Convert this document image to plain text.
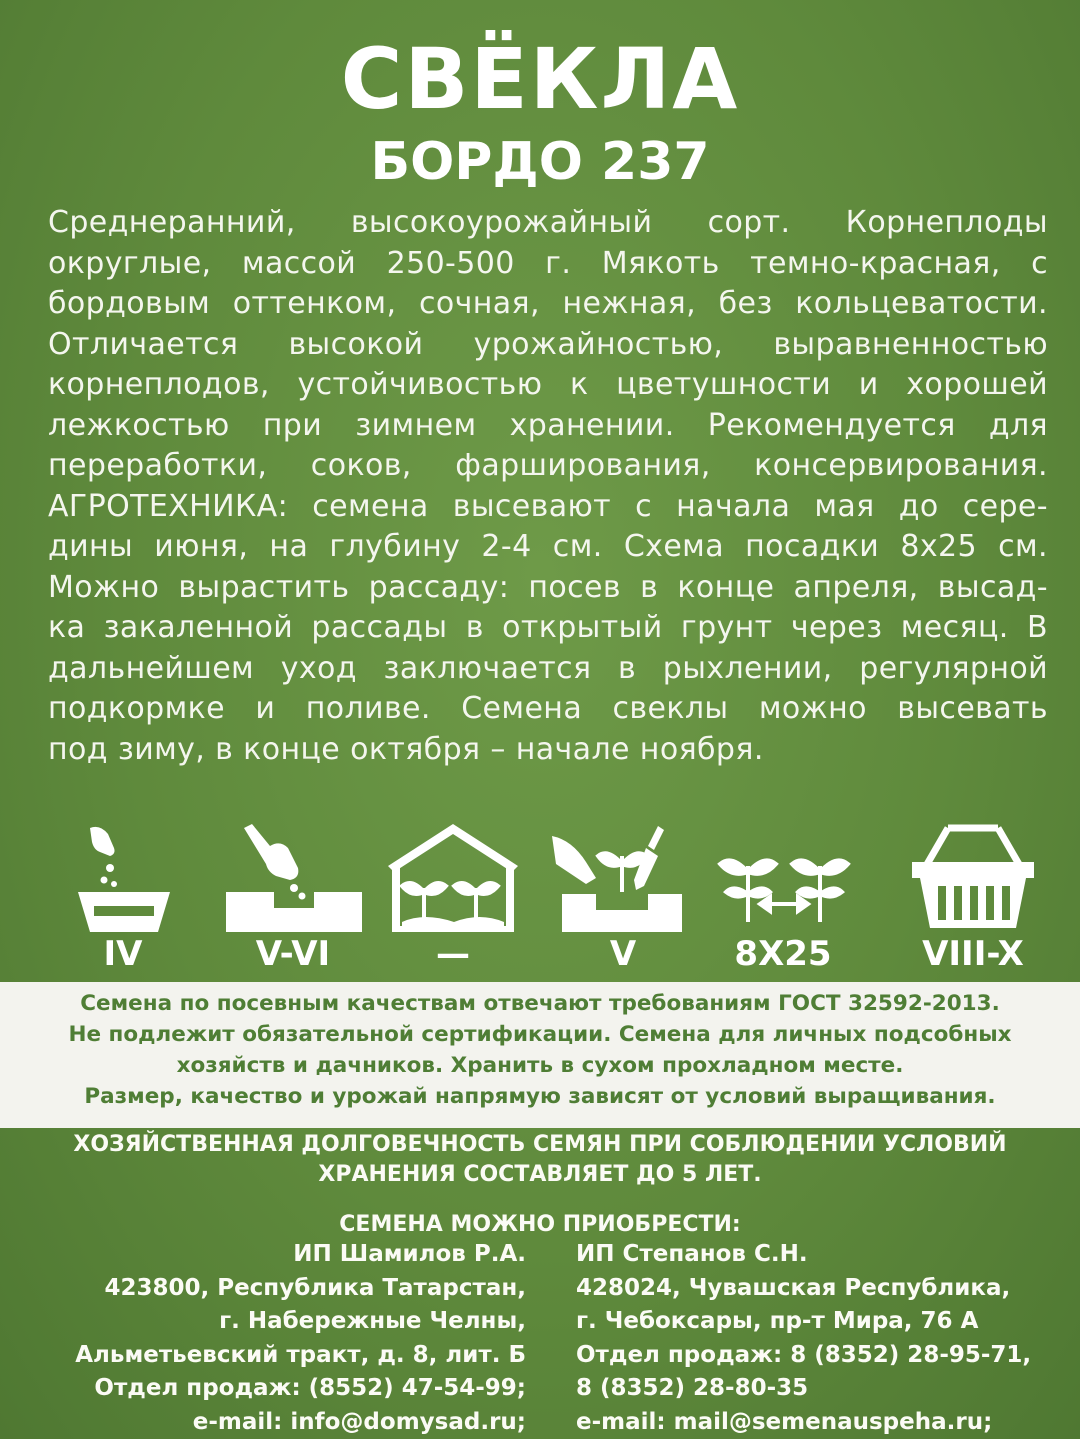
СВЁКЛА
БОРДО 237

Среднеранний, высокоурожайный сорт. Корнеплоды

округлые, массой 250-500 г. Мякоть темно-красная, с

бордовым оттенком, сочная, нежная, без кольцеватости.

Отличается высокой урожайностью, выравненностью

корнеплодов, устойчивостью к цветушности и хорошей

лежкостью при зимнем хранении. Рекомендуется для

переработки, соков, фарширования, консервирования.

АГРОТЕХНИКА: семена высевают с начала мая до сере-

дины июня, на глубину 2-4 см. Схема посадки 8х25 см.

Можно вырастить рассаду: посев в конце апреля, высад-

ка закаленной рассады в открытый грунт через месяц. В

дальнейшем уход заключается в рыхлении, регулярной

подкормке и поливе. Семена свеклы можно высевать

под зиму, в конце октября – начале ноября.

IV	V-VI	—	V	8Х25	VIII-X

Семена по посевным качествам отвечают требованиям ГОСТ 32592-2013.

Не подлежит обязательной сертификации. Семена для личных подсобных

хозяйств и дачников. Хранить в сухом прохладном месте.

Размер, качество и урожай напрямую зависят от условий выращивания.

ХОЗЯЙСТВЕННАЯ ДОЛГОВЕЧНОСТЬ СЕМЯН ПРИ СОБЛЮДЕНИИ УСЛОВИЙ

ХРАНЕНИЯ СОСТАВЛЯЕТ ДО 5 ЛЕТ.

СЕМЕНА МОЖНО ПРИОБРЕСТИ:

ИП Шамилов Р.А.

423800, Республика Татарстан,

г. Набережные Челны,

Альметьевский тракт, д. 8, лит. Б

Отдел продаж: (8552) 47-54-99;

e-mail: info@domysad.ru;

ИП Степанов С.Н.

428024, Чувашская Республика,

г. Чебоксары, пр-т Мира, 76 А

Отдел продаж: 8 (8352) 28-95-71,

8 (8352) 28-80-35

e-mail: mail@semenauspeha.ru;
